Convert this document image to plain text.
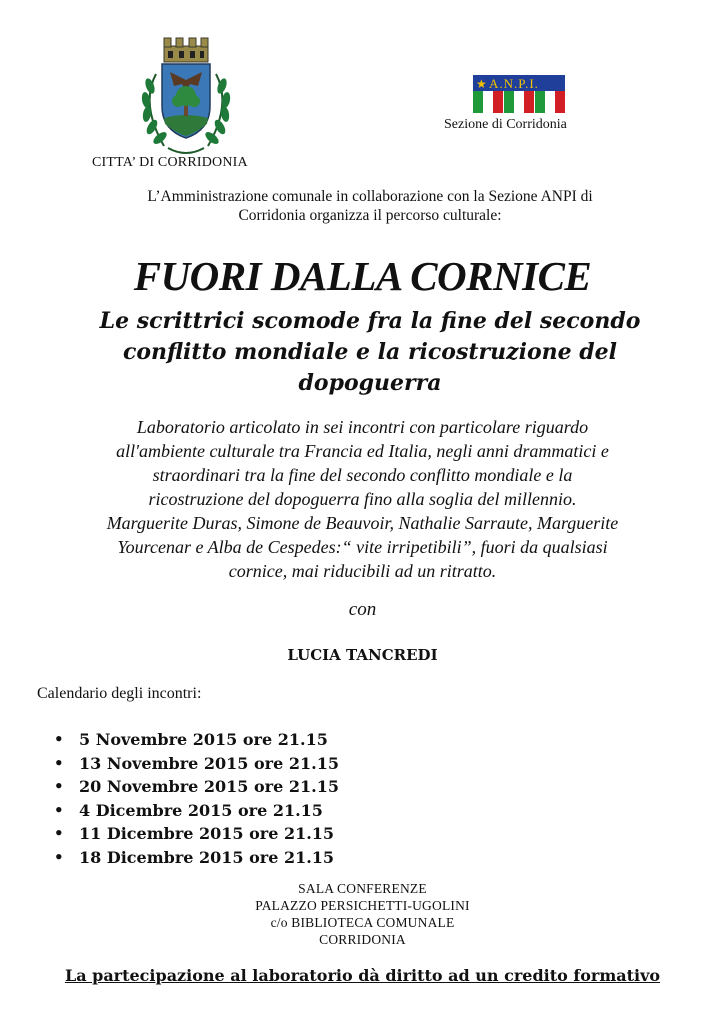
CITTA’ DI CORRIDONIA
★ A.N.P.I.
Sezione di Corridonia
L’Amministrazione comunale in collaborazione con la Sezione ANPI di
Corridonia organizza il percorso culturale:
FUORI DALLA CORNICE
Le scrittrici scomode fra la fine del secondo
conflitto mondiale e la ricostruzione del
dopoguerra
Laboratorio articolato in sei incontri con particolare riguardo
all'ambiente culturale tra Francia ed Italia, negli anni drammatici e
straordinari tra la fine del secondo conflitto mondiale e la
ricostruzione del dopoguerra fino alla soglia del millennio.
Marguerite Duras, Simone de Beauvoir, Nathalie Sarraute, Marguerite
Yourcenar e Alba de Cespedes:“ vite irripetibili”, fuori da qualsiasi
cornice, mai riducibili ad un ritratto.
con
LUCIA TANCREDI
Calendario degli incontri:
• 5 Novembre 2015 ore 21.15
• 13 Novembre 2015 ore 21.15
• 20 Novembre 2015 ore 21.15
• 4 Dicembre 2015 ore 21.15
• 11 Dicembre 2015 ore 21.15
• 18 Dicembre 2015 ore 21.15
SALA CONFERENZE
PALAZZO PERSICHETTI-UGOLINI
c/o BIBLIOTECA COMUNALE
CORRIDONIA
La partecipazione al laboratorio dà diritto ad un credito formativo
